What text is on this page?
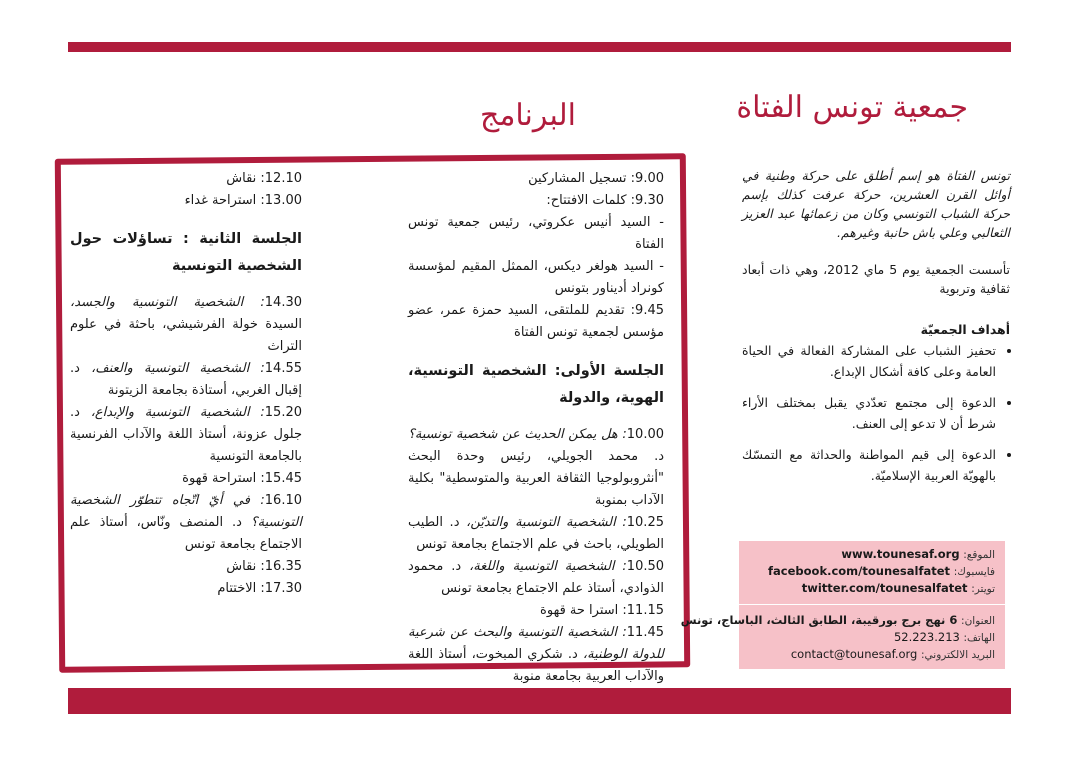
جمعية تونس الفتاة
البرنامج

9.00: تسجيل المشاركين

9.30: كلمات الافتتاح:

- السيد أنيس عكروتي، رئيس جمعية تونس الفتاة

- السيد هولغر ديكس، الممثل المقيم لمؤسسة كونراد أديناور بتونس

9.45: تقديم للملتقى، السيد حمزة عمر، عضو مؤسس لجمعية تونس الفتاة

الجلسة الأولى: الشخصية التونسية، الهوية، والدولة

10.00: هل يمكن الحديث عن شخصية تونسية؟ د. محمد الجويلي، رئيس وحدة البحث "أنثروبولوجيا الثقافة العربية والمتوسطية" بكلية الآداب بمنوبة

10.25: الشخصية التونسية والتديّن، د. الطيب الطويلي، باحث في علم الاجتماع بجامعة تونس

10.50: الشخصية التونسية واللغة، د. محمود الذوادي، أستاذ علم الاجتماع بجامعة تونس

11.15: استرا حة قهوة

11.45: الشخصية التونسية والبحث عن شرعية للدولة الوطنية، د. شكري المبخوت، أستاذ اللغة والآداب العربية بجامعة منوبة

12.10: نقاش

13.00: استراحة غداء

الجلسة الثانية : تساؤلات حول الشخصية التونسية

14.30: الشخصية التونسية والجسد، السيدة خولة الفرشيشي، باحثة في علوم التراث

14.55: الشخصية التونسية والعنف، د. إقبال الغربي، أستاذة بجامعة الزيتونة

15.20: الشخصية التونسية والإبداع، د. جلول عزونة، أستاذ اللغة والآداب الفرنسية بالجامعة التونسية

15.45: استراحة قهوة

16.10: في أيّ اتّجاه تتطوّر الشخصية التونسية؟ د. المنصف ونّاس، أستاذ علم الاجتماع بجامعة تونس

16.35: نقاش

17.30: الاختتام

تونس الفتاة هو إسم أطلق على حركة وطنية في أوائل القرن العشرين، حركة عرفت كذلك بإسم حركة الشباب التونسي وكان من زعمائها عبد العزيز الثعالبي وعلي باش حانبة وغيرهم.

تأسست الجمعية يوم 5 ماي 2012، وهي ذات أبعاد ثقافية وتربوية

أهداف الجمعيّة

• تحفيز الشباب على المشاركة الفعالة في الحياة العامة وعلى كافة أشكال الإبداع.
• الدعوة إلى مجتمع تعدّدي يقبل بمختلف الأراء شرط أن لا تدعو إلى العنف.
• الدعوة إلى قيم المواطنة والحداثة مع التمسّك بالهويّة العربية الإسلاميّة.
الموقع: www.tounesaf.org
فايسبوك: facebook.com/tounesalfatet
تويتر: twitter.com/tounesalfatet
العنوان: 6 نهج برج بورقيبة، الطابق الثالث، الباساج، تونس
الهاتف: 52.223.213
البريد الالكتروني: contact@tounesaf.org
